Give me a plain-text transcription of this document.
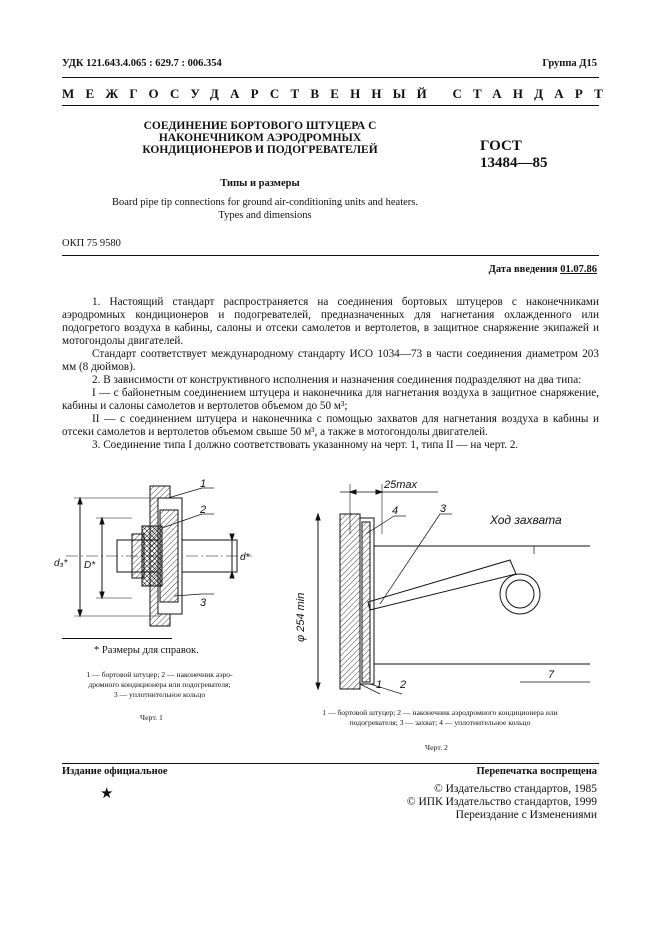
УДК 121.643.4.065 : 629.7 : 006.354	Группа Д15
МЕЖГОСУДАРСТВЕННЫЙ СТАНДАРТ
СОЕДИНЕНИЕ БОРТОВОГО ШТУЦЕРА С
НАКОНЕЧНИКОМ АЭРОДРОМНЫХ
КОНДИЦИОНЕРОВ И ПОДОГРЕВАТЕЛЕЙ	ГОСТ
13484—85
Типы и размеры
Board pipe tip connections for ground air-conditioning units and heaters.
Types and dimensions
ОКП 75 9580
Дата введения 01.07.86

1. Настоящий стандарт распространяется на соединения бортовых штуцеров с наконечниками аэродромных кондиционеров и подогревателей, предназначенных для нагнетания охлажденного или подогретого воздуха в кабины, салоны и отсеки самолетов и вертолетов, в защитное снаряжение экипажей и мотогондолы двигателей.

Стандарт соответствует международному стандарту ИСО 1034—73 в части соединения диаметром 203 мм (8 дюймов).

2. В зависимости от конструктивного исполнения и назначения соединения подразделяют на два типа:

I — с байонетным соединением штуцера и наконечника для нагнетания воздуха в защитное снаряжение, кабины и салоны самолетов и вертолетов объемом до 50 м³;

II — с соединением штуцера и наконечника с помощью захватов для нагнетания воздуха в кабины и отсеки самолетов и вертолетов объемом свыше 50 м³, а также в мотогондолы двигателей.

3. Соединение типа I должно соответствовать указанному на черт. 1, типа II — на черт. 2.

d₃* D*
d*
1
2
3
* Размеры для справок.
1 — бортовой штуцер; 2 — наконечник аэро-
дромного кондиционера или подогревателя;
3 — уплотнительное кольцо
Черт. 1
25max
φ 254 min
Ход захвата
4	3
1 2
7
1 — бортовой штуцер; 2 — наконечник аэродромного кондиционера или
подогревателя; 3 — захват; 4 — уплотнительное кольцо
Черт. 2
Издание официальное	Перепечатка воспрещена
★	© Издательство стандартов, 1985
© ИПК Издательство стандартов, 1999
Переиздание с Изменениями
